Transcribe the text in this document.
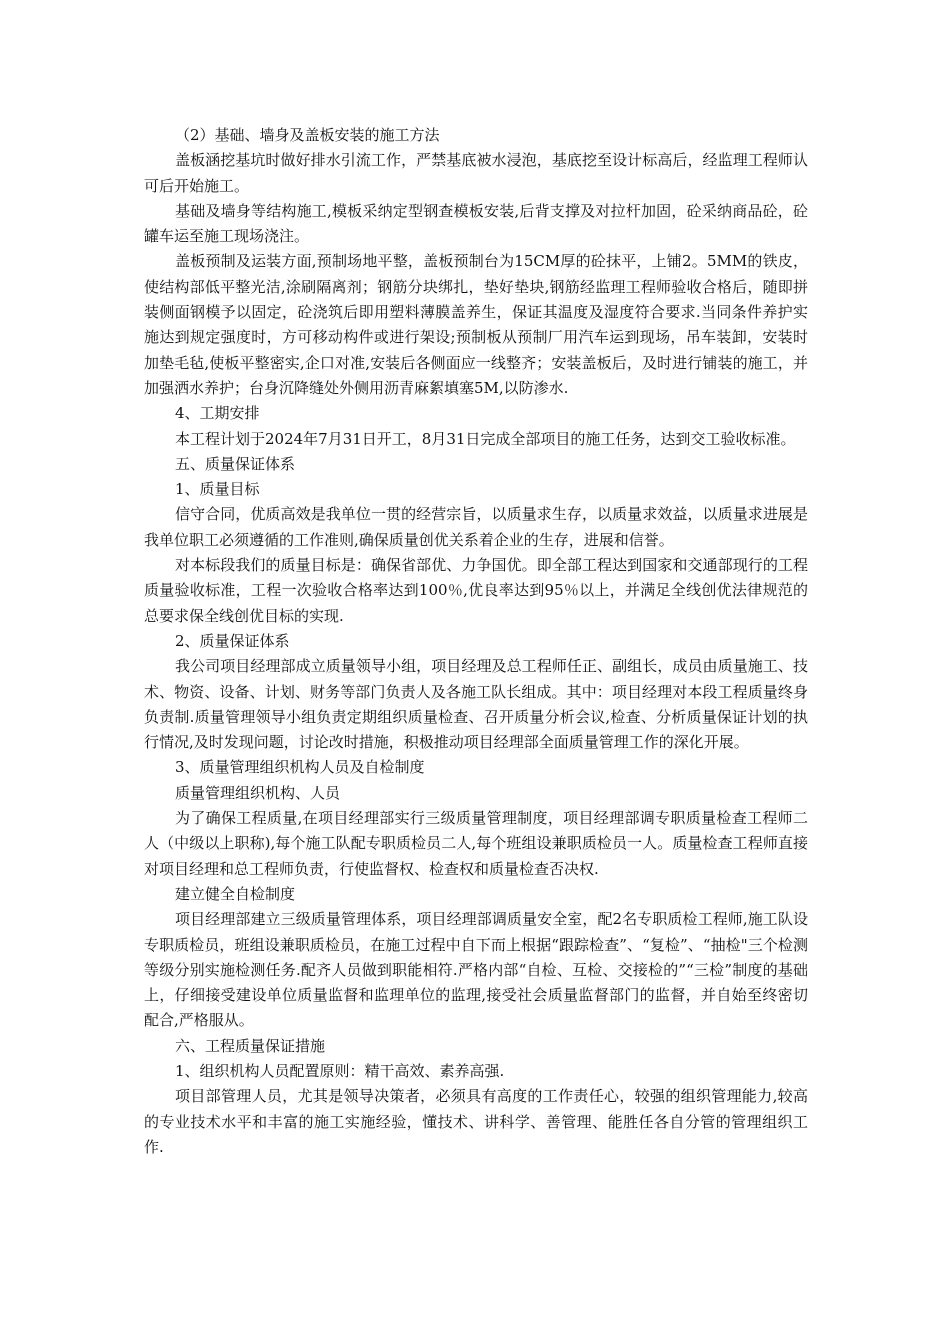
（2）基础、墙身及盖板安装的施工方法

盖板涵挖基坑时做好排水引流工作，严禁基底被水浸泡，基底挖至设计标高后，经监理工程师认可后开始施工。

基础及墙身等结构施工,模板采纳定型钢查模板安装,后背支撑及对拉杆加固，砼采纳商品砼，砼罐车运至施工现场浇注。

盖板预制及运装方面,预制场地平整，盖板预制台为15CM厚的砼抹平，上铺2。5MM的铁皮，使结构部低平整光洁,涂刷隔离剂；钢筋分块绑扎，垫好垫块,钢筋经监理工程师验收合格后，随即拼装侧面钢模予以固定，砼浇筑后即用塑料薄膜盖养生，保证其温度及湿度符合要求.当同条件养护实施达到规定强度时，方可移动构件或进行架设;预制板从预制厂用汽车运到现场，吊车装卸，安装时加垫毛毡,使板平整密实,企口对准,安装后各侧面应一线整齐；安装盖板后，及时进行铺装的施工，并加强洒水养护；台身沉降缝处外侧用沥青麻絮填塞5M,以防渗水.

4、工期安排

本工程计划于2024年7月31日开工，8月31日完成全部项目的施工任务，达到交工验收标准。

五、质量保证体系

1、质量目标

信守合同，优质高效是我单位一贯的经营宗旨，以质量求生存，以质量求效益，以质量求进展是我单位职工必须遵循的工作准则,确保质量创优关系着企业的生存，进展和信誉。

对本标段我们的质量目标是：确保省部优、力争国优。即全部工程达到国家和交通部现行的工程质量验收标准，工程一次验收合格率达到100％,优良率达到95％以上，并满足全线创优法律规范的总要求保全线创优目标的实现.

2、质量保证体系

我公司项目经理部成立质量领导小组，项目经理及总工程师任正、副组长，成员由质量施工、技术、物资、设备、计划、财务等部门负责人及各施工队长组成。其中：项目经理对本段工程质量终身负责制.质量管理领导小组负责定期组织质量检查、召开质量分析会议,检查、分析质量保证计划的执行情况,及时发现问题，讨论改时措施，积极推动项目经理部全面质量管理工作的深化开展。

3、质量管理组织机构人员及自检制度

质量管理组织机构、人员

为了确保工程质量,在项目经理部实行三级质量管理制度，项目经理部调专职质量检查工程师二人（中级以上职称),每个施工队配专职质检员二人,每个班组设兼职质检员一人。质量检查工程师直接对项目经理和总工程师负责，行使监督权、检查权和质量检查否决权.

建立健全自检制度

项目经理部建立三级质量管理体系，项目经理部调质量安全室，配2名专职质检工程师,施工队设专职质检员，班组设兼职质检员，在施工过程中自下而上根据“跟踪检查”、“复检”、“抽检"三个检测等级分别实施检测任务.配齐人员做到职能相符.严格内部“自检、互检、交接检的”“三检”制度的基础上，仔细接受建设单位质量监督和监理单位的监理,接受社会质量监督部门的监督，并自始至终密切配合,严格服从。

六、工程质量保证措施

1、组织机构人员配置原则：精干高效、素养高强.

项目部管理人员，尤其是领导决策者，必须具有高度的工作责任心，较强的组织管理能力,较高的专业技术水平和丰富的施工实施经验，懂技术、讲科学、善管理、能胜任各自分管的管理组织工作.
